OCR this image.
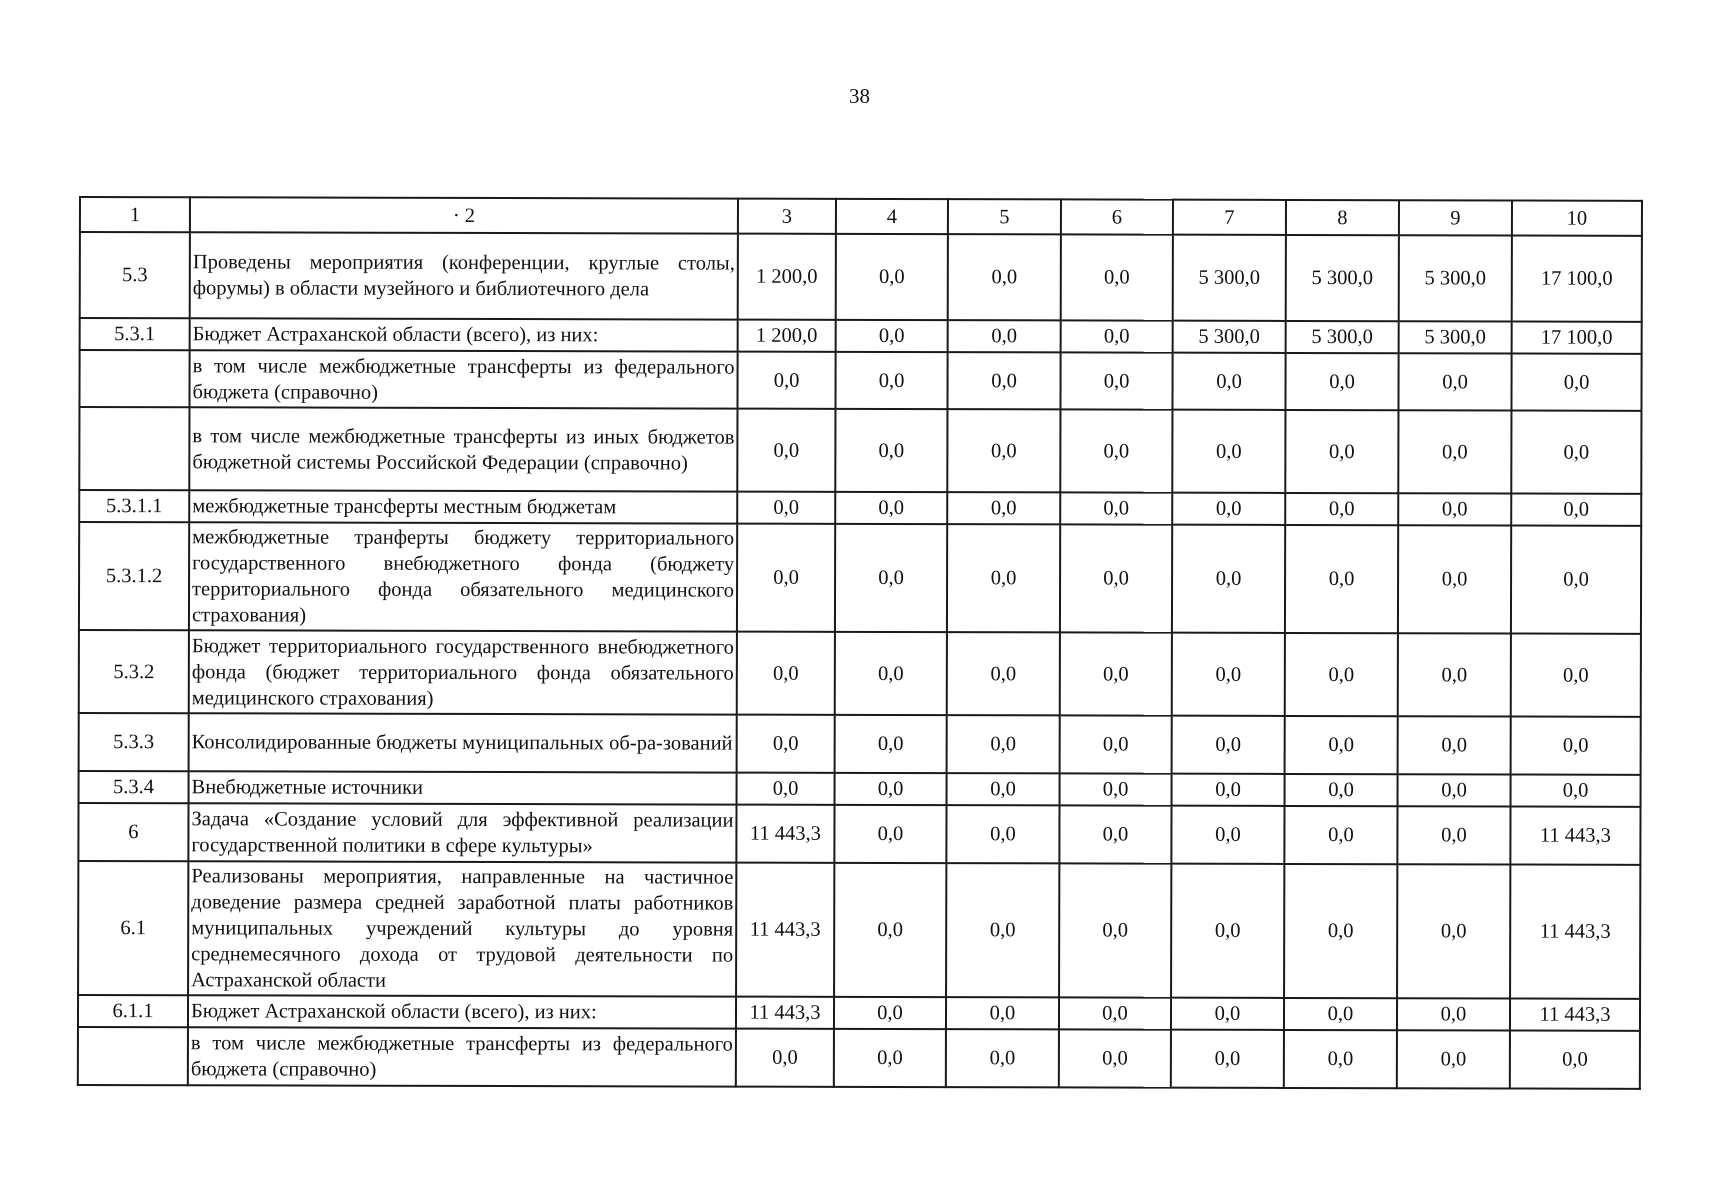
38
1	· 2	3	4	5	6	7	8	9	10
5.3	Проведены мероприятия (конференции, круглые столы, форумы) в области музейного и библиотечного дела	1 200,0	0,0	0,0	0,0	5 300,0	5 300,0	5 300,0	17 100,0
5.3.1	Бюджет Астраханской области (всего), из них:	1 200,0	0,0	0,0	0,0	5 300,0	5 300,0	5 300,0	17 100,0
	в том числе межбюджетные трансферты из федерального бюджета (справочно)	0,0	0,0	0,0	0,0	0,0	0,0	0,0	0,0
	в том числе межбюджетные трансферты из иных бюджетов бюджетной системы Российской Федерации (справочно)	0,0	0,0	0,0	0,0	0,0	0,0	0,0	0,0
5.3.1.1	межбюджетные трансферты местным бюджетам	0,0	0,0	0,0	0,0	0,0	0,0	0,0	0,0
5.3.1.2	межбюджетные транферты бюджету территориального государственного внебюджетного фонда (бюджету территориального фонда обязательного медицинского страхования)	0,0	0,0	0,0	0,0	0,0	0,0	0,0	0,0
5.3.2	Бюджет территориального государственного внебюджетного фонда (бюджет территориального фонда обязательного медицинского страхования)	0,0	0,0	0,0	0,0	0,0	0,0	0,0	0,0
5.3.3	Консолидированные бюджеты муниципальных об-ра-зований	0,0	0,0	0,0	0,0	0,0	0,0	0,0	0,0
5.3.4	Внебюджетные источники	0,0	0,0	0,0	0,0	0,0	0,0	0,0	0,0
6	Задача «Создание условий для эффективной реализации государственной политики в сфере культуры»	11 443,3	0,0	0,0	0,0	0,0	0,0	0,0	11 443,3
6.1	Реализованы мероприятия, направленные на частичное доведение размера средней заработной платы работников муниципальных учреждений культуры до уровня среднемесячного дохода от трудовой деятельности по Астраханской области	11 443,3	0,0	0,0	0,0	0,0	0,0	0,0	11 443,3
6.1.1	Бюджет Астраханской области (всего), из них:	11 443,3	0,0	0,0	0,0	0,0	0,0	0,0	11 443,3
	в том числе межбюджетные трансферты из федерального бюджета (справочно)	0,0	0,0	0,0	0,0	0,0	0,0	0,0	0,0
